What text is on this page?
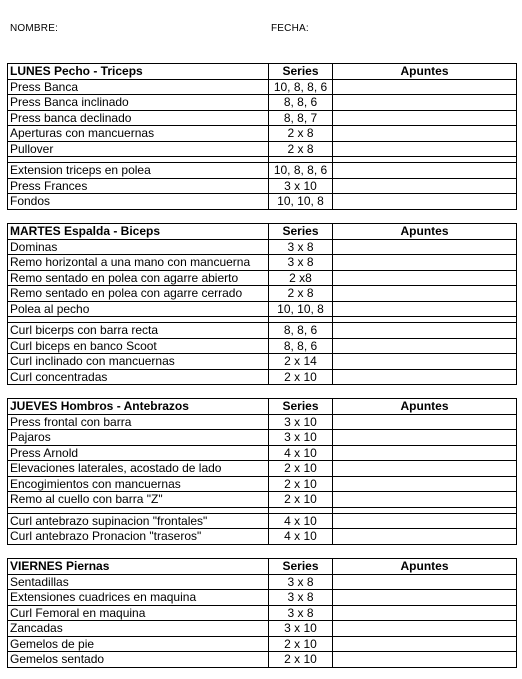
NOMBRE:	FECHA:
LUNES Pecho - Triceps	Series	Apuntes
Press Banca	10, 8, 8, 6	
Press Banca inclinado	8, 8, 6	
Press banca declinado	8, 8, 7	
Aperturas con mancuernas	2 x 8	
Pullover	2 x 8	

Extension triceps en polea	10, 8, 8, 6	
Press Frances	3 x 10	
Fondos	10, 10, 8	
MARTES Espalda - Biceps	Series	Apuntes
Dominas	3 x 8	
Remo horizontal a una mano con mancuerna	3 x 8	
Remo sentado en polea con agarre abierto	2 x8	
Remo sentado en polea con agarre cerrado	2 x 8	
Polea al pecho	10, 10, 8	

Curl bicerps con barra recta	8, 8, 6	
Curl biceps en banco Scoot	8, 8, 6	
Curl inclinado con mancuernas	2 x 14	
Curl concentradas	2 x 10	
JUEVES Hombros - Antebrazos	Series	Apuntes
Press frontal con barra	3 x 10	
Pajaros	3 x 10	
Press Arnold	4 x 10	
Elevaciones laterales, acostado de lado	2 x 10	
Encogimientos con mancuernas	2 x 10	
Remo al cuello con barra "Z"	2 x 10	

Curl antebrazo supinacion "frontales"	4 x 10	
Curl antebrazo Pronacion "traseros"	4 x 10	
VIERNES Piernas	Series	Apuntes
Sentadillas	3 x 8	
Extensiones cuadrices en maquina	3 x 8	
Curl Femoral en maquina	3 x 8	
Zancadas	3 x 10	
Gemelos de pie	2 x 10	
Gemelos sentado	2 x 10	
